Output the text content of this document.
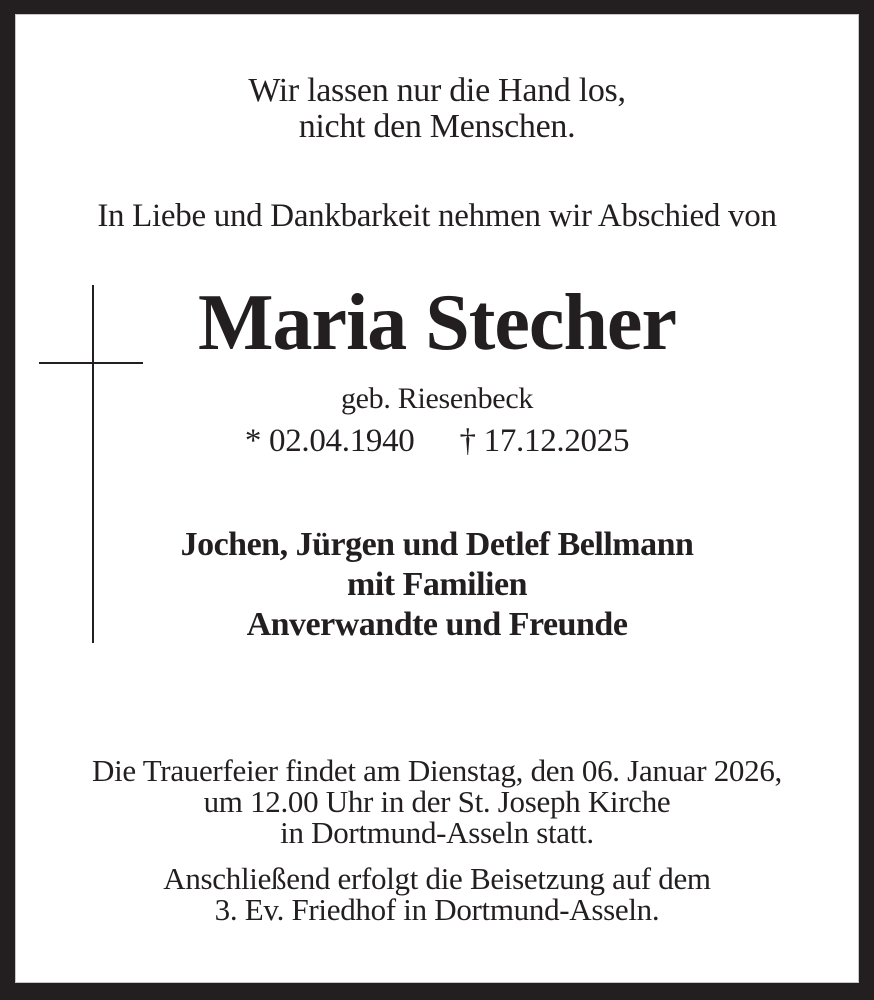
Wir lassen nur die Hand los,
nicht den Menschen.
In Liebe und Dankbarkeit nehmen wir Abschied von
Maria Stecher
geb. Riesenbeck
* 02.04.1940 † 17.12.2025
Jochen, Jürgen und Detlef Bellmann
mit Familien
Anverwandte und Freunde
Die Trauerfeier findet am Dienstag, den 06. Januar 2026,
um 12.00 Uhr in der St. Joseph Kirche
in Dortmund-Asseln statt.
Anschließend erfolgt die Beisetzung auf dem
3. Ev. Friedhof in Dortmund-Asseln.
